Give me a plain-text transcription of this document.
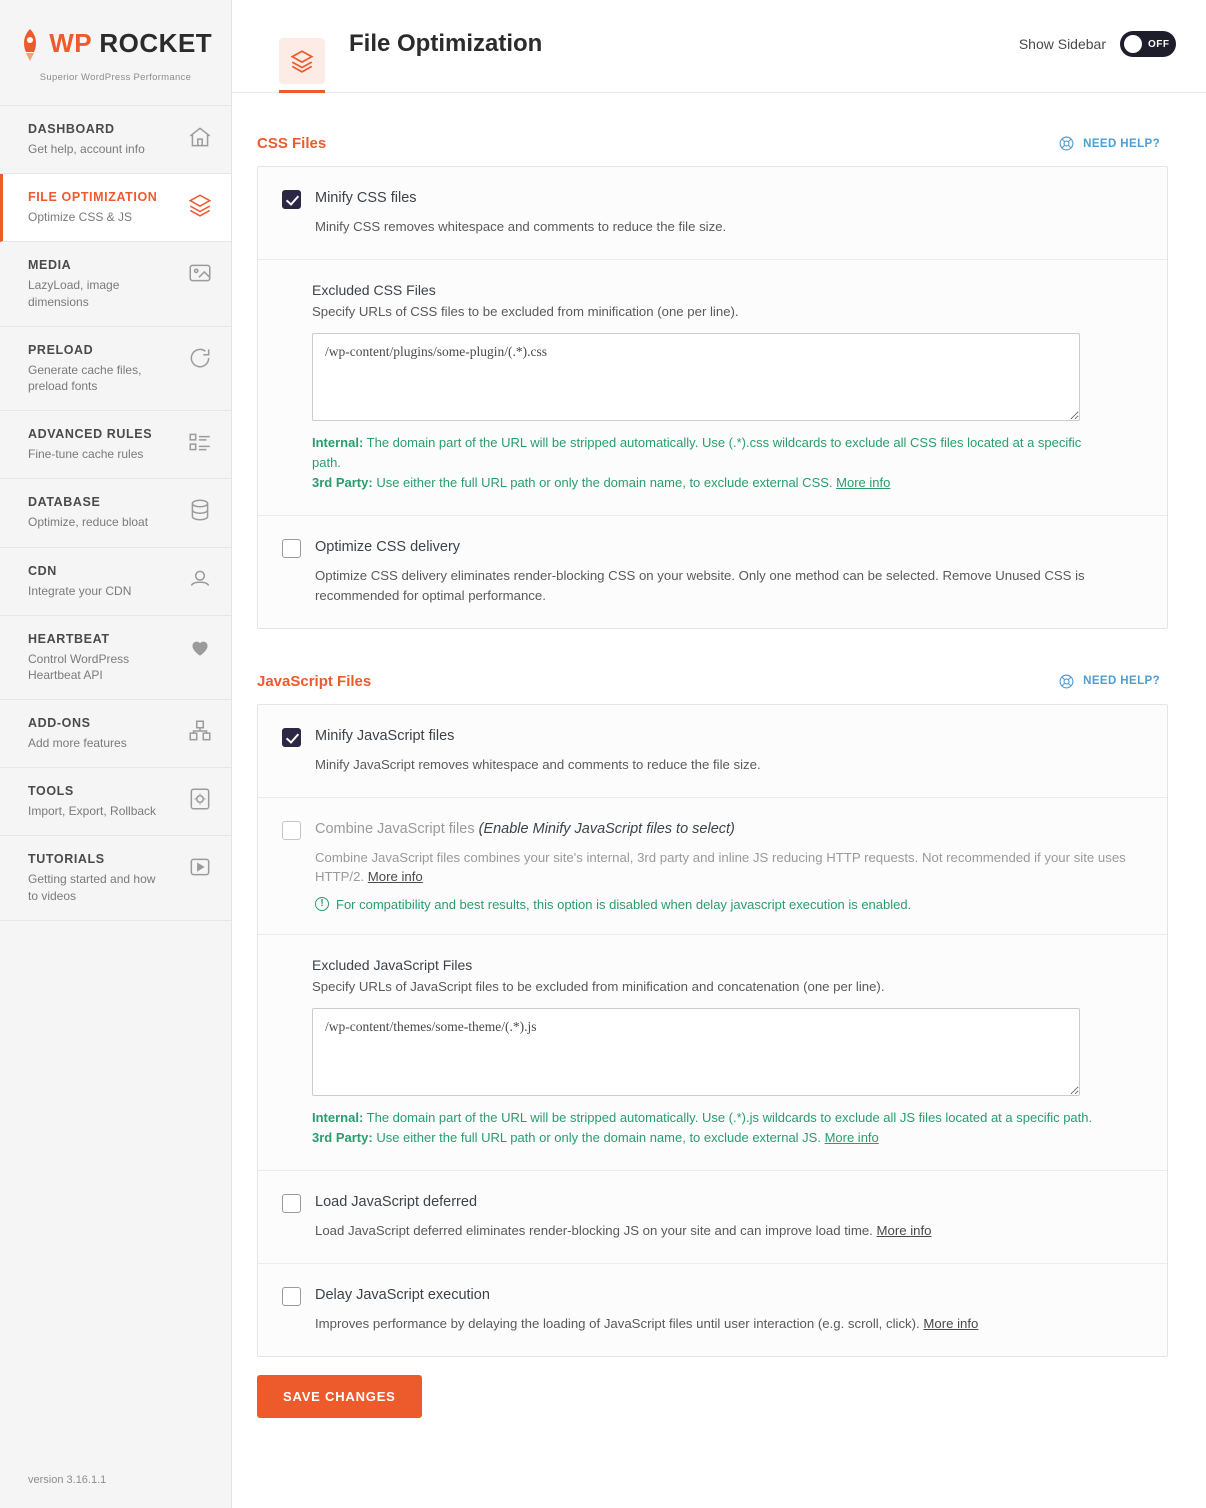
WP ROCKET
Superior WordPress Performance
DASHBOARD
Get help, account info
FILE OPTIMIZATION
Optimize CSS & JS
MEDIA
LazyLoad, image dimensions
PRELOAD
Generate cache files, preload fonts
ADVANCED RULES
Fine-tune cache rules
DATABASE
Optimize, reduce bloat
CDN
Integrate your CDN
HEARTBEAT
Control WordPress Heartbeat API
ADD-ONS
Add more features
TOOLS
Import, Export, Rollback
TUTORIALS
Getting started and how to videos
version 3.16.1.1
File Optimization	Show Sidebar	OFF
CSS Files	NEED HELP?
Minify CSS files
Minify CSS removes whitespace and comments to reduce the file size.
Excluded CSS Files
Specify URLs of CSS files to be excluded from minification (one per line).
/wp-content/plugins/some-plugin/(.*).css
Internal: The domain part of the URL will be stripped automatically. Use (.*).css wildcards to exclude all CSS files located at a specific path.
3rd Party: Use either the full URL path or only the domain name, to exclude external CSS. More info
Optimize CSS delivery
Optimize CSS delivery eliminates render-blocking CSS on your website. Only one method can be selected. Remove Unused CSS is recommended for optimal performance.
JavaScript Files	NEED HELP?
Minify JavaScript files
Minify JavaScript removes whitespace and comments to reduce the file size.
Combine JavaScript files (Enable Minify JavaScript files to select)
Combine JavaScript files combines your site's internal, 3rd party and inline JS reducing HTTP requests. Not recommended if your site uses HTTP/2. More info
! For compatibility and best results, this option is disabled when delay javascript execution is enabled.
Excluded JavaScript Files
Specify URLs of JavaScript files to be excluded from minification and concatenation (one per line).
/wp-content/themes/some-theme/(.*).js
Internal: The domain part of the URL will be stripped automatically. Use (.*).js wildcards to exclude all JS files located at a specific path.
3rd Party: Use either the full URL path or only the domain name, to exclude external JS. More info
Load JavaScript deferred
Load JavaScript deferred eliminates render-blocking JS on your site and can improve load time. More info
Delay JavaScript execution
Improves performance by delaying the loading of JavaScript files until user interaction (e.g. scroll, click). More info
SAVE CHANGES
